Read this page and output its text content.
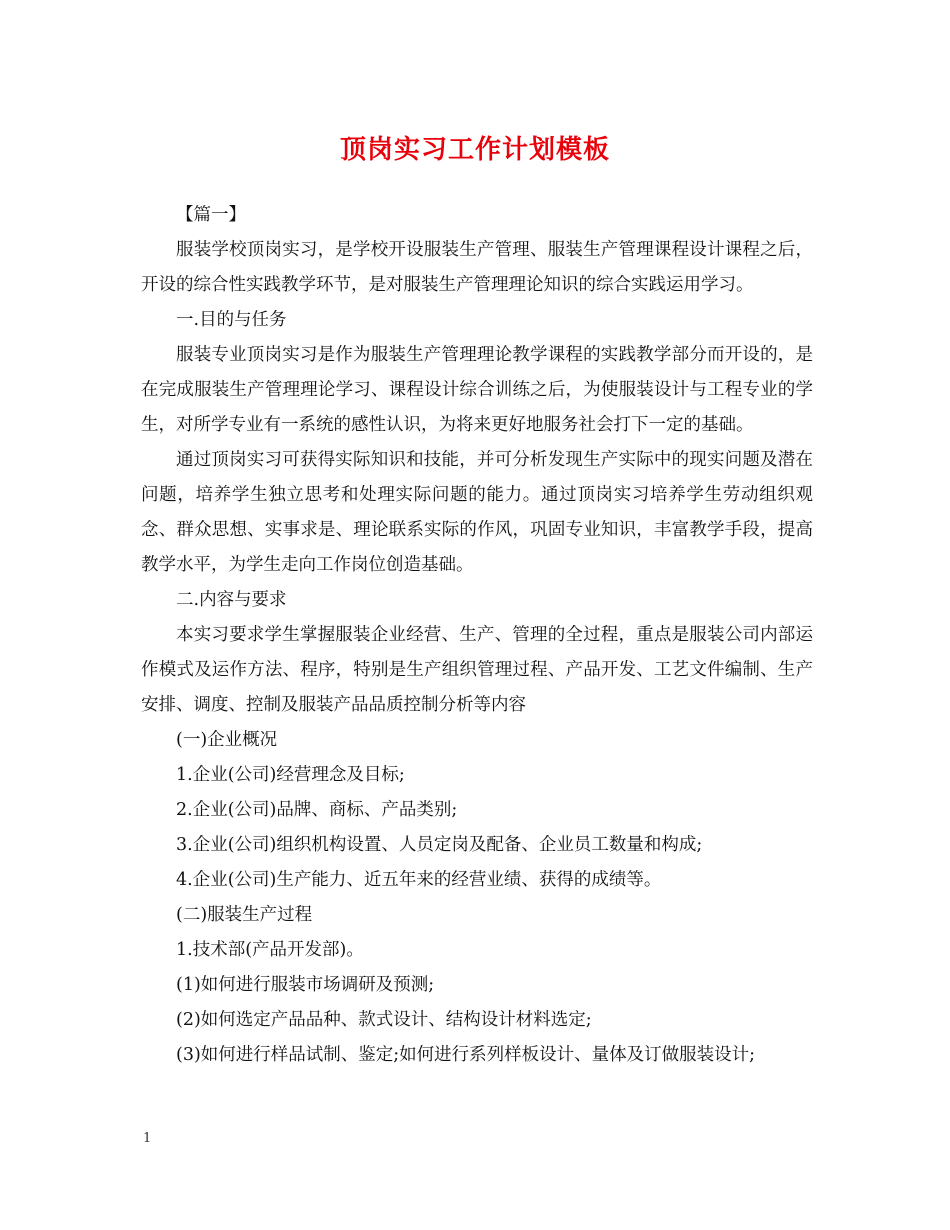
顶岗实习工作计划模板

【篇一】

服装学校顶岗实习，是学校开设服装生产管理、服装生产管理课程设计课程之后，开设的综合性实践教学环节，是对服装生产管理理论知识的综合实践运用学习。

一.目的与任务

服装专业顶岗实习是作为服装生产管理理论教学课程的实践教学部分而开设的，是在完成服装生产管理理论学习、课程设计综合训练之后，为使服装设计与工程专业的学生，对所学专业有一系统的感性认识，为将来更好地服务社会打下一定的基础。

通过顶岗实习可获得实际知识和技能，并可分析发现生产实际中的现实问题及潜在问题，培养学生独立思考和处理实际问题的能力。通过顶岗实习培养学生劳动组织观念、群众思想、实事求是、理论联系实际的作风，巩固专业知识，丰富教学手段，提高教学水平，为学生走向工作岗位创造基础。

二.内容与要求

本实习要求学生掌握服装企业经营、生产、管理的全过程，重点是服装公司内部运作模式及运作方法、程序，特别是生产组织管理过程、产品开发、工艺文件编制、生产安排、调度、控制及服装产品品质控制分析等内容

(一)企业概况

1.企业(公司)经营理念及目标;

2.企业(公司)品牌、商标、产品类别;

3.企业(公司)组织机构设置、人员定岗及配备、企业员工数量和构成;

4.企业(公司)生产能力、近五年来的经营业绩、获得的成绩等。

(二)服装生产过程

1.技术部(产品开发部)。

(1)如何进行服装市场调研及预测;

(2)如何选定产品品种、款式设计、结构设计材料选定;

(3)如何进行样品试制、鉴定;如何进行系列样板设计、量体及订做服装设计;

1
